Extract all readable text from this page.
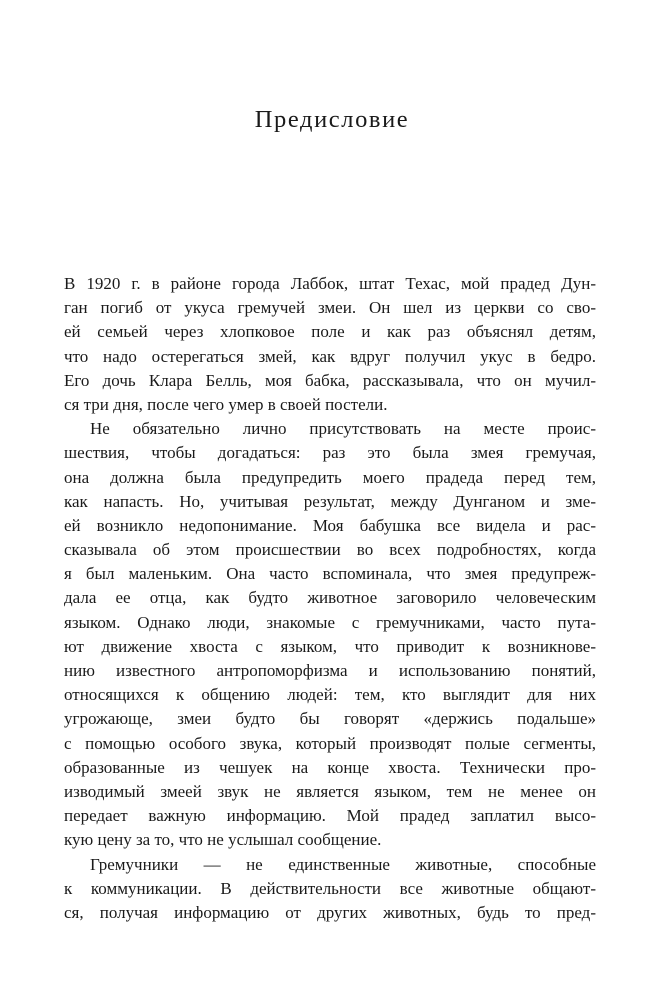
Предисловие
В 1920 г. в районе города Лаббок, штат Техас, мой прадед Дун-
ган погиб от укуса гремучей змеи. Он шел из церкви со сво-
ей семьей через хлопковое поле и как раз объяснял детям,
что надо остерегаться змей, как вдруг получил укус в бедро.
Его дочь Клара Белль, моя бабка, рассказывала, что он мучил-
ся три дня, после чего умер в своей постели.
Не обязательно лично присутствовать на месте проис-
шествия, чтобы догадаться: раз это была змея гремучая,
она должна была предупредить моего прадеда перед тем,
как напасть. Но, учитывая результат, между Дунганом и зме-
ей возникло недопонимание. Моя бабушка все видела и рас-
сказывала об этом происшествии во всех подробностях, когда
я был маленьким. Она часто вспоминала, что змея предупреж-
дала ее отца, как будто животное заговорило человеческим
языком. Однако люди, знакомые с гремучниками, часто пута-
ют движение хвоста с языком, что приводит к возникнове-
нию известного антропоморфизма и использованию понятий,
относящихся к общению людей: тем, кто выглядит для них
угрожающе, змеи будто бы говорят «держись подальше»
с помощью особого звука, который производят полые сегменты,
образованные из чешуек на конце хвоста. Технически про-
изводимый змеей звук не является языком, тем не менее он
передает важную информацию. Мой прадед заплатил высо-
кую цену за то, что не услышал сообщение.
Гремучники — не единственные животные, способные
к коммуникации. В действительности все животные общают-
ся, получая информацию от других животных, будь то пред-
